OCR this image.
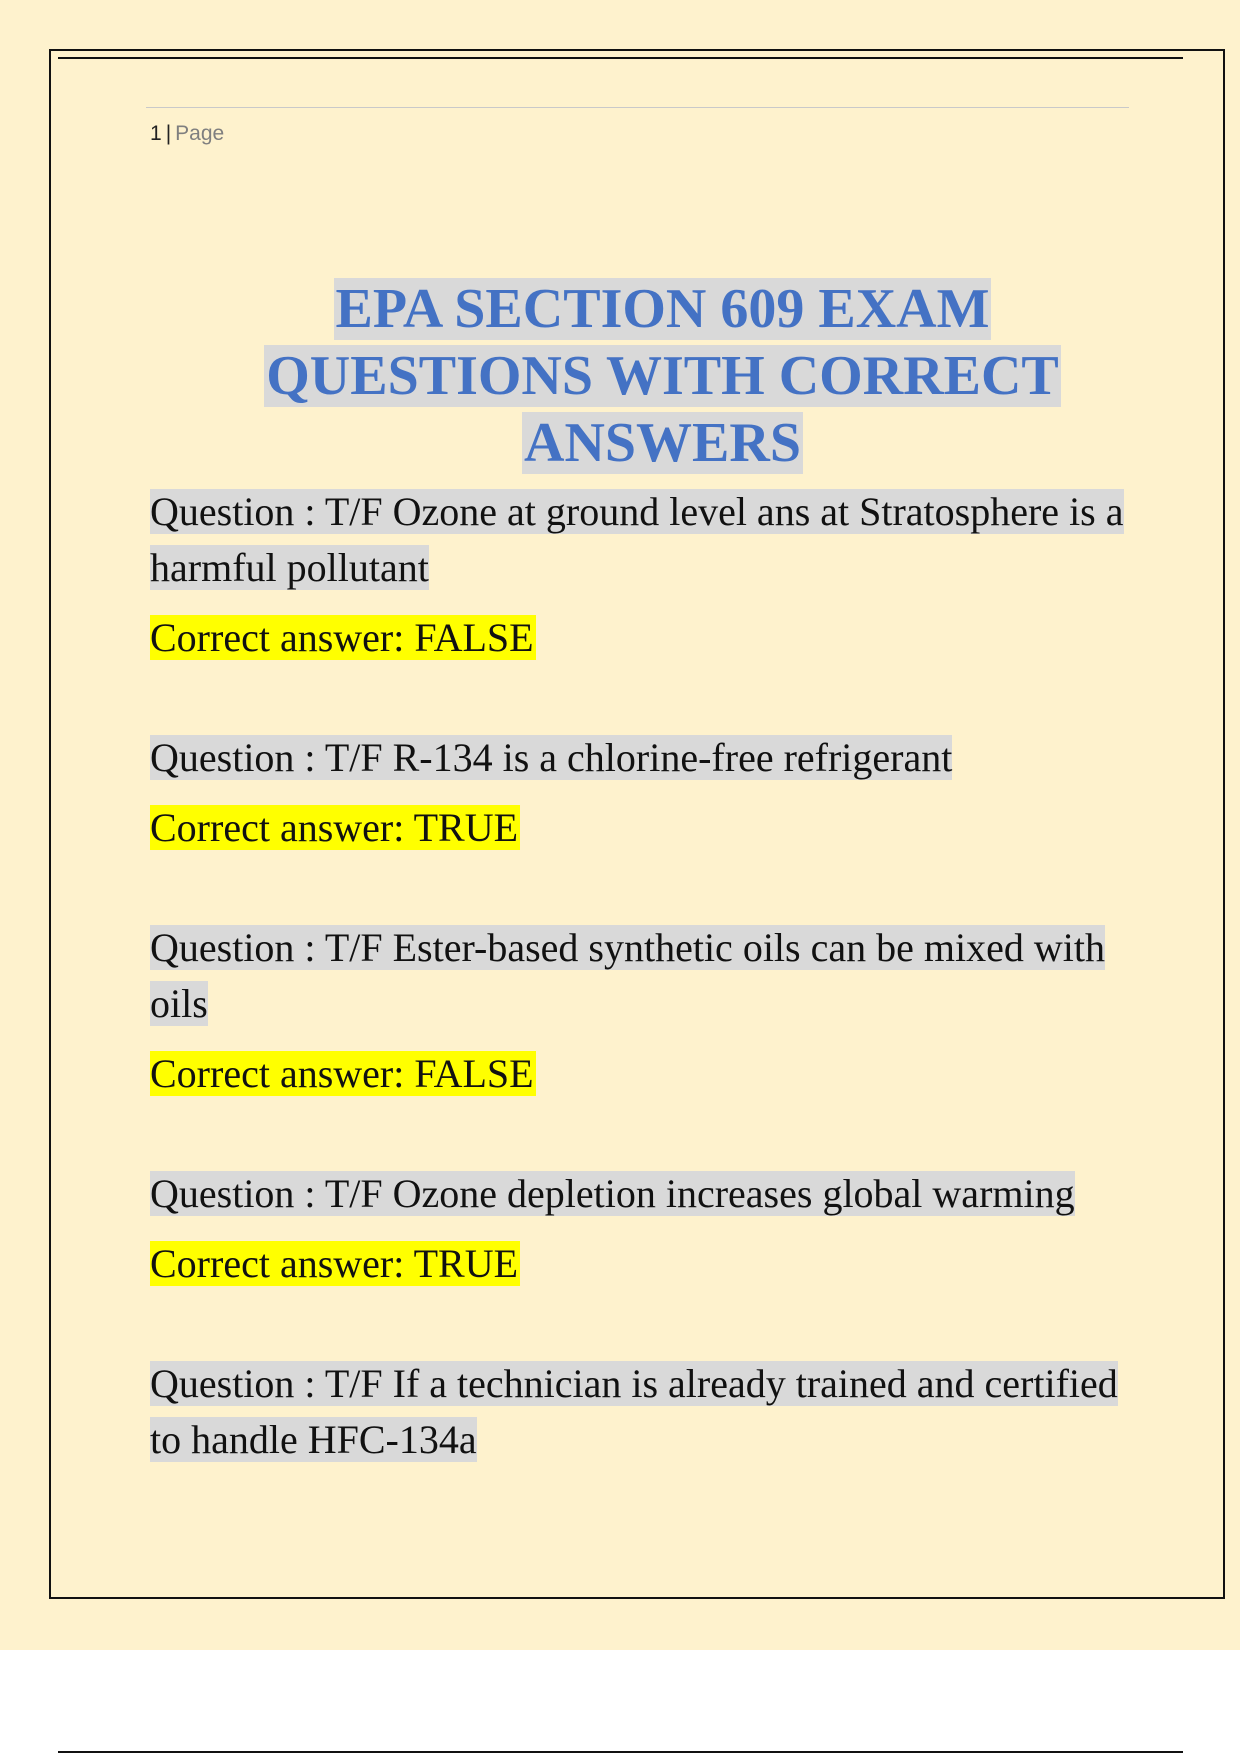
1 | Page
EPA SECTION 609 EXAM
QUESTIONS WITH CORRECT
ANSWERS

Question : T/F Ozone at ground level ans at Stratosphere is a harmful pollutant

Correct answer: FALSE

Question : T/F R-134 is a chlorine-free refrigerant

Correct answer: TRUE

Question : T/F Ester-based synthetic oils can be mixed with oils

Correct answer: FALSE

Question : T/F Ozone depletion increases global warming

Correct answer: TRUE

Question : T/F If a technician is already trained and certified to handle HFC-134a
